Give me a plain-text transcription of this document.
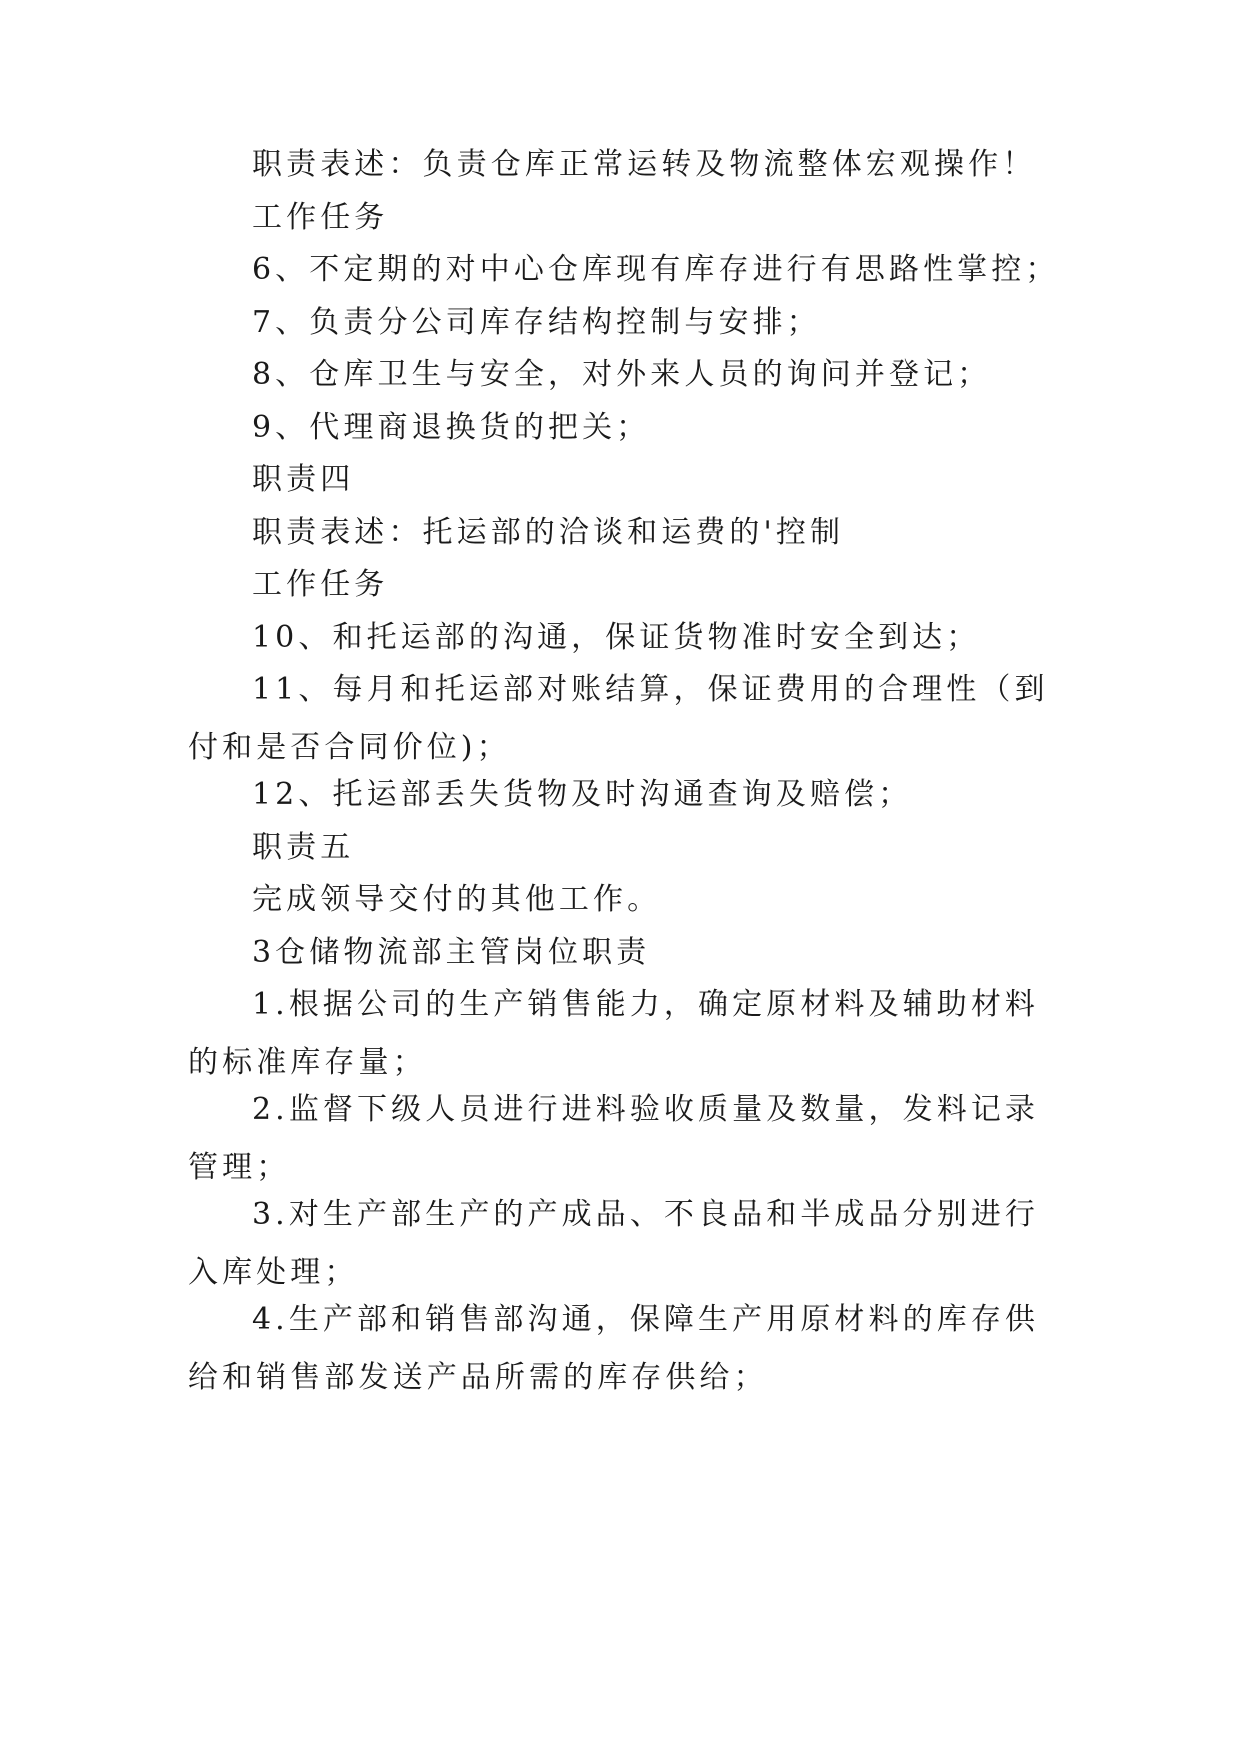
职责表述：负责仓库正常运转及物流整体宏观操作！

工作任务

6、不定期的对中心仓库现有库存进行有思路性掌控；

7、负责分公司库存结构控制与安排；

8、仓库卫生与安全，对外来人员的询问并登记；

9、代理商退换货的把关；

职责四

职责表述：托运部的洽谈和运费的'控制

工作任务

10、和托运部的沟通，保证货物准时安全到达；

11、每月和托运部对账结算，保证费用的合理性（到付和是否合同价位)；

12、托运部丢失货物及时沟通查询及赔偿；

职责五

完成领导交付的其他工作。

3仓储物流部主管岗位职责

1.根据公司的生产销售能力，确定原材料及辅助材料的标准库存量；

2.监督下级人员进行进料验收质量及数量，发料记录管理；

3.对生产部生产的产成品、不良品和半成品分别进行入库处理；

4.生产部和销售部沟通，保障生产用原材料的库存供给和销售部发送产品所需的库存供给；
